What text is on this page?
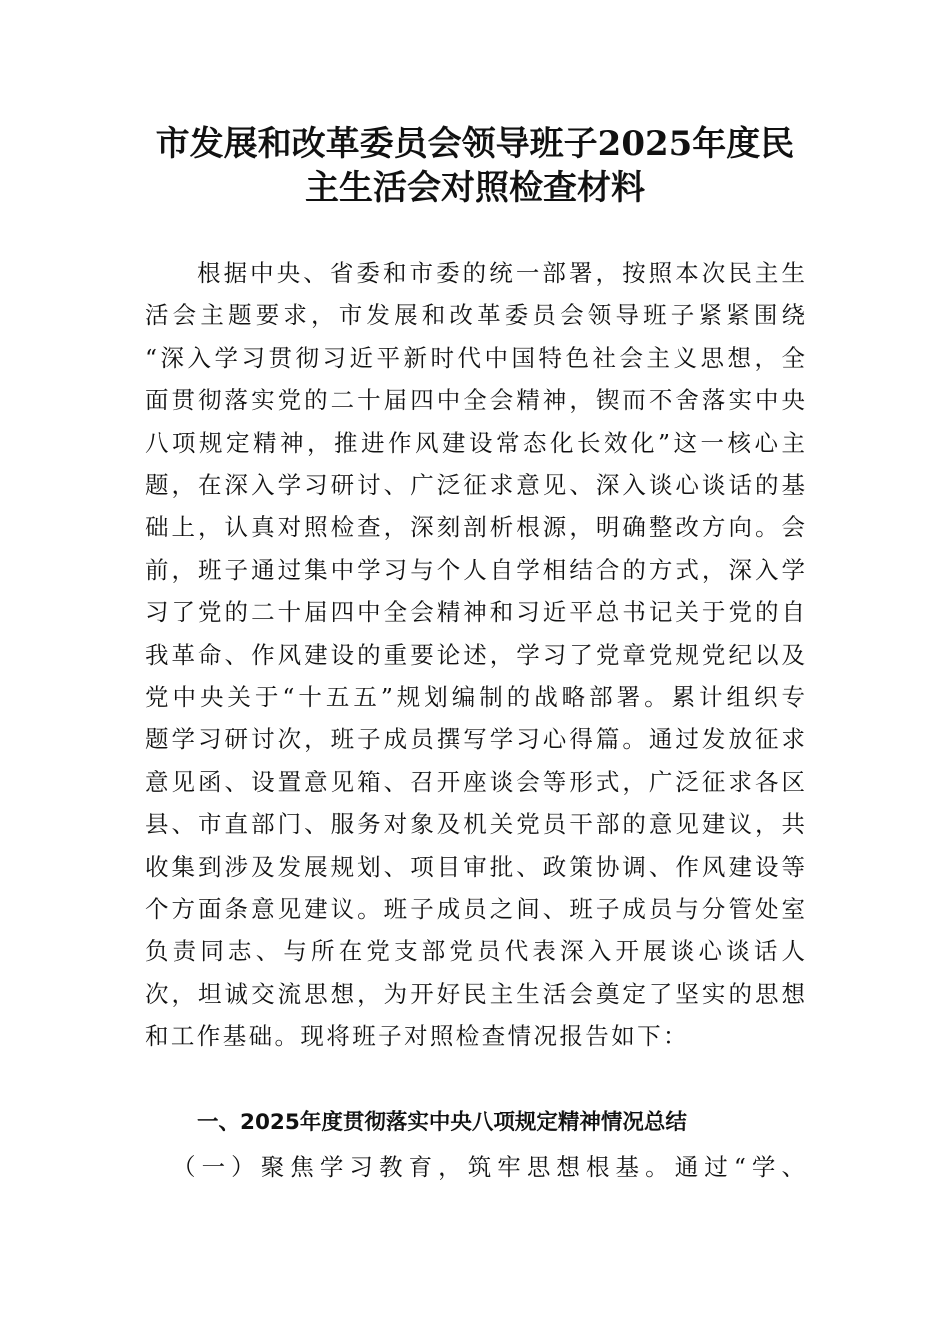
市发展和改革委员会领导班子2025年度民
主生活会对照检查材料
根据中央、省委和市委的统一部署，按照本次民主生
活会主题要求，市发展和改革委员会领导班子紧紧围绕
“深入学习贯彻习近平新时代中国特色社会主义思想，全
面贯彻落实党的二十届四中全会精神，锲而不舍落实中央
八项规定精神，推进作风建设常态化长效化”这一核心主
题，在深入学习研讨、广泛征求意见、深入谈心谈话的基
础上，认真对照检查，深刻剖析根源，明确整改方向。会
前，班子通过集中学习与个人自学相结合的方式，深入学
习了党的二十届四中全会精神和习近平总书记关于党的自
我革命、作风建设的重要论述，学习了党章党规党纪以及
党中央关于“十五五”规划编制的战略部署。累计组织专
题学习研讨次，班子成员撰写学习心得篇。通过发放征求
意见函、设置意见箱、召开座谈会等形式，广泛征求各区
县、市直部门、服务对象及机关党员干部的意见建议，共
收集到涉及发展规划、项目审批、政策协调、作风建设等
个方面条意见建议。班子成员之间、班子成员与分管处室
负责同志、与所在党支部党员代表深入开展谈心谈话人
次，坦诚交流思想，为开好民主生活会奠定了坚实的思想
和工作基础。现将班子对照检查情况报告如下：
一、2025年度贯彻落实中央八项规定精神情况总结
（一）聚焦学习教育，筑牢思想根基。通过“学、
